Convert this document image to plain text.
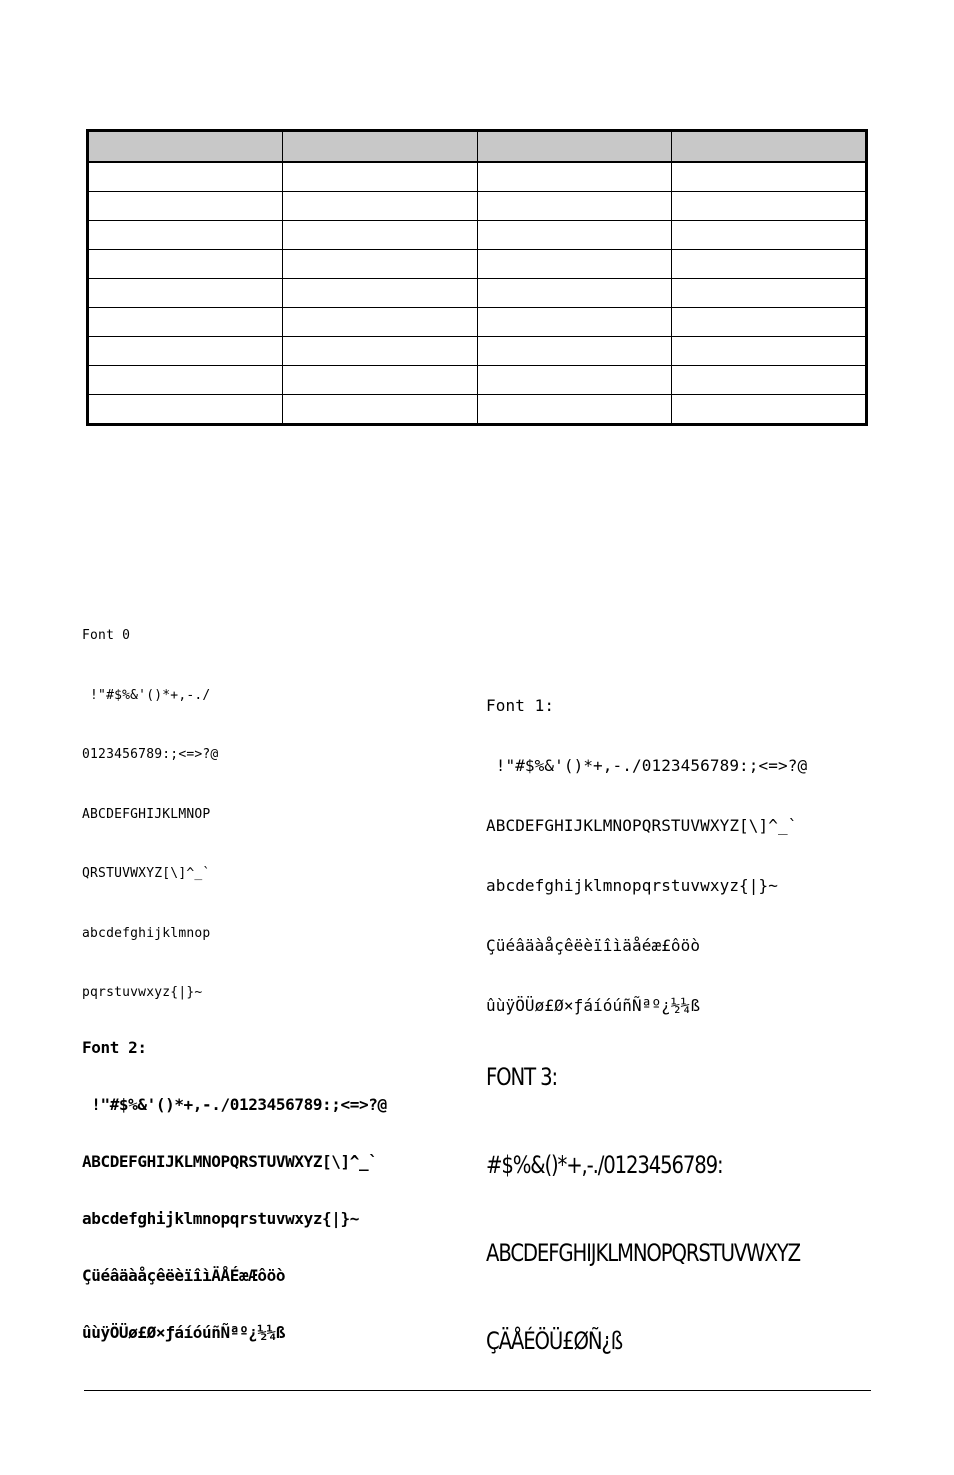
Font 0

!"#$%&'()*+,-./

0123456789:;<=>?@

ABCDEFGHIJKLMNOP

QRSTUVWXYZ[\]^_`

abcdefghijklmnop

pqrstuvwxyz{|}~

Font 1:

!"#$%&'()*+,-./0123456789:;<=>?@

ABCDEFGHIJKLMNOPQRSTUVWXYZ[\]^_`

abcdefghijklmnopqrstuvwxyz{|}~

Çüéâäàåçêëèïîìäåéæ£ôöò

ûùÿÖÜø£Ø×ƒáíóúñÑªº¿½¼ß

Font 2:

!"#$%&'()*+,-./0123456789:;<=>?@

ABCDEFGHIJKLMNOPQRSTUVWXYZ[\]^_`

abcdefghijklmnopqrstuvwxyz{|}~

ÇüéâäàåçêëèïîìÄÅÉæÆôöò

ûùÿÖÜø£Ø×ƒáíóúñÑªº¿½¼ß

FONT 3:

#$%&()*+,-./0123456789:

ABCDEFGHIJKLMNOPQRSTUVWXYZ

ÇÄÅÉÖÜ£ØÑ¿ß
